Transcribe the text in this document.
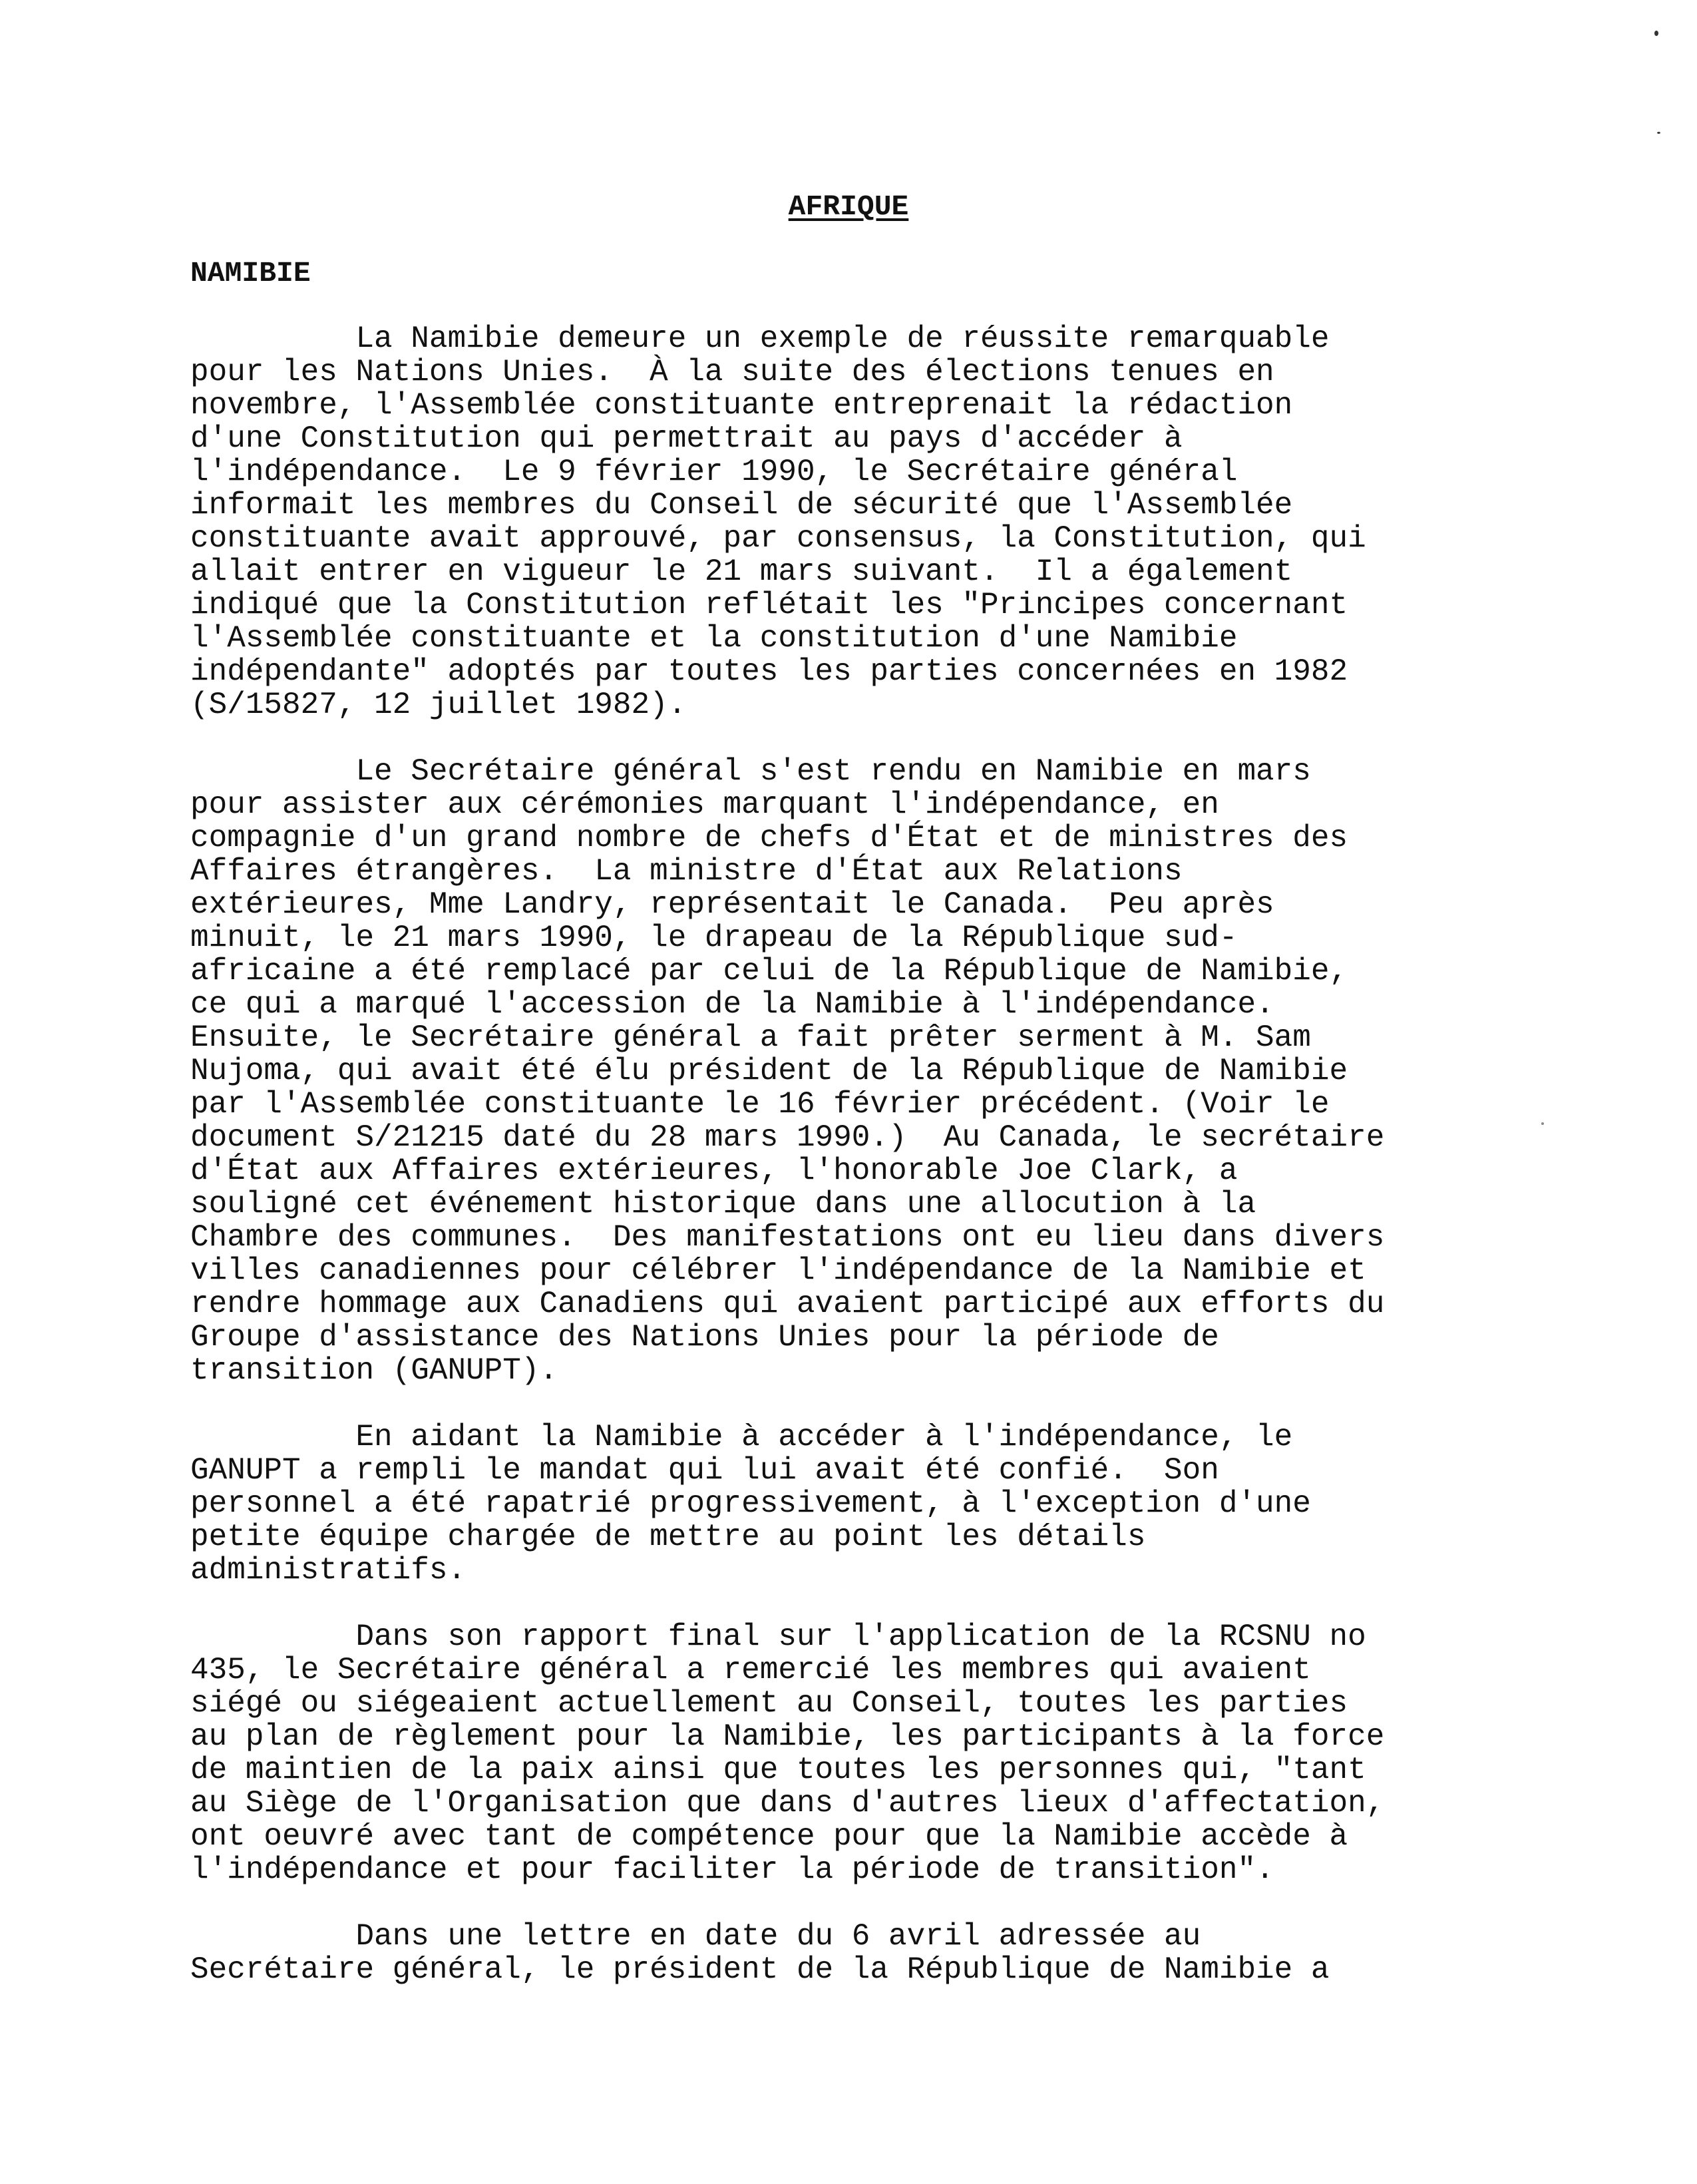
AFRIQUE
NAMIBIE
La Namibie demeure un exemple de réussite remarquable
pour les Nations Unies.  À la suite des élections tenues en
novembre, l'Assemblée constituante entreprenait la rédaction
d'une Constitution qui permettrait au pays d'accéder à
l'indépendance.  Le 9 février 1990, le Secrétaire général
informait les membres du Conseil de sécurité que l'Assemblée
constituante avait approuvé, par consensus, la Constitution, qui
allait entrer en vigueur le 21 mars suivant.  Il a également
indiqué que la Constitution reflétait les "Principes concernant
l'Assemblée constituante et la constitution d'une Namibie
indépendante" adoptés par toutes les parties concernées en 1982
(S/15827, 12 juillet 1982).
Le Secrétaire général s'est rendu en Namibie en mars
pour assister aux cérémonies marquant l'indépendance, en
compagnie d'un grand nombre de chefs d'État et de ministres des
Affaires étrangères.  La ministre d'État aux Relations
extérieures, Mme Landry, représentait le Canada.  Peu après
minuit, le 21 mars 1990, le drapeau de la République sud-
africaine a été remplacé par celui de la République de Namibie,
ce qui a marqué l'accession de la Namibie à l'indépendance.
Ensuite, le Secrétaire général a fait prêter serment à M. Sam
Nujoma, qui avait été élu président de la République de Namibie
par l'Assemblée constituante le 16 février précédent. (Voir le
document S/21215 daté du 28 mars 1990.)  Au Canada, le secrétaire
d'État aux Affaires extérieures, l'honorable Joe Clark, a
souligné cet événement historique dans une allocution à la
Chambre des communes.  Des manifestations ont eu lieu dans divers
villes canadiennes pour célébrer l'indépendance de la Namibie et
rendre hommage aux Canadiens qui avaient participé aux efforts du
Groupe d'assistance des Nations Unies pour la période de
transition (GANUPT).
En aidant la Namibie à accéder à l'indépendance, le
GANUPT a rempli le mandat qui lui avait été confié.  Son
personnel a été rapatrié progressivement, à l'exception d'une
petite équipe chargée de mettre au point les détails
administratifs.
Dans son rapport final sur l'application de la RCSNU no
435, le Secrétaire général a remercié les membres qui avaient
siégé ou siégeaient actuellement au Conseil, toutes les parties
au plan de règlement pour la Namibie, les participants à la force
de maintien de la paix ainsi que toutes les personnes qui, "tant
au Siège de l'Organisation que dans d'autres lieux d'affectation,
ont oeuvré avec tant de compétence pour que la Namibie accède à
l'indépendance et pour faciliter la période de transition".
Dans une lettre en date du 6 avril adressée au
Secrétaire général, le président de la République de Namibie a
